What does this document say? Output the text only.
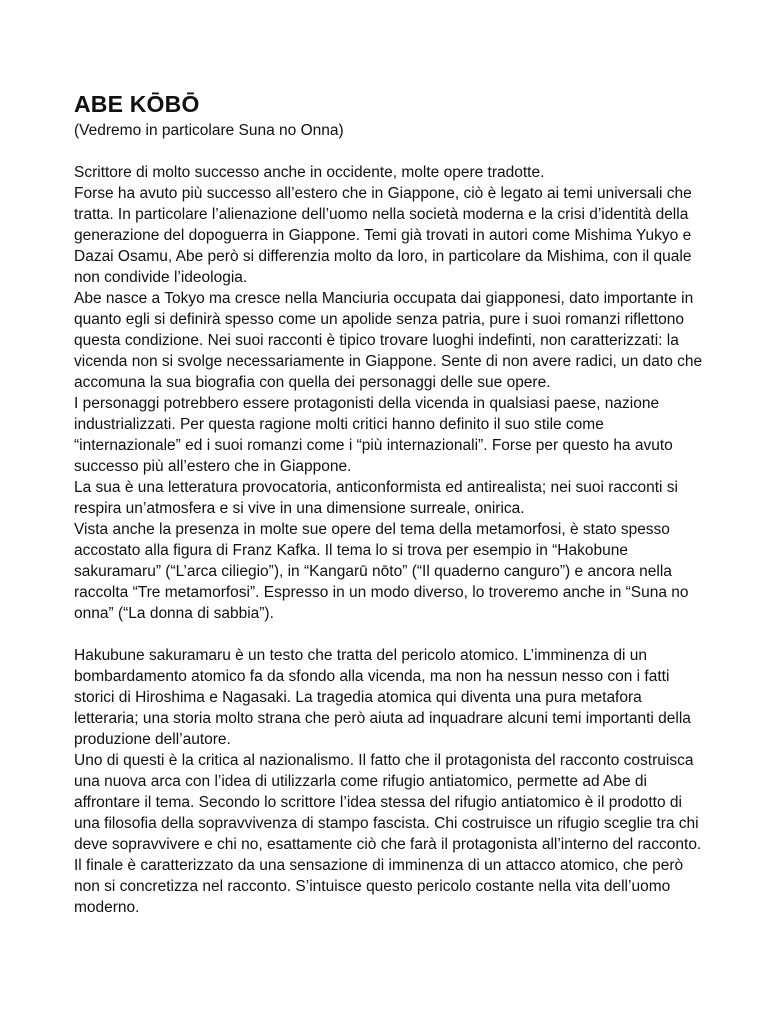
ABE KŌBŌ

(Vedremo in particolare Suna no Onna)

Scrittore di molto successo anche in occidente, molte opere tradotte.

Forse ha avuto più successo all’estero che in Giappone, ciò è legato ai temi universali che tratta. In particolare l’alienazione dell’uomo nella società moderna e la crisi d’identità della generazione del dopoguerra in Giappone. Temi già trovati in autori come Mishima Yukyo e Dazai Osamu, Abe però si differenzia molto da loro, in particolare da Mishima, con il quale non condivide l’ideologia.

Abe nasce a Tokyo ma cresce nella Manciuria occupata dai giapponesi, dato importante in quanto egli si definirà spesso come un apolide senza patria, pure i suoi romanzi riflettono questa condizione. Nei suoi racconti è tipico trovare luoghi indefinti, non caratterizzati: la vicenda non si svolge necessariamente in Giappone. Sente di non avere radici, un dato che accomuna la sua biografia con quella dei personaggi delle sue opere.

I personaggi potrebbero essere protagonisti della vicenda in qualsiasi paese, nazione industrializzati. Per questa ragione molti critici hanno definito il suo stile come “internazionale” ed i suoi romanzi come i “più internazionali”. Forse per questo ha avuto successo più all’estero che in Giappone.

La sua è una letteratura provocatoria, anticonformista ed antirealista; nei suoi racconti si respira un’atmosfera e si vive in una dimensione surreale, onirica.

Vista anche la presenza in molte sue opere del tema della metamorfosi, è stato spesso accostato alla figura di Franz Kafka. Il tema lo si trova per esempio in “Hakobune sakuramaru” (“L’arca ciliegio”), in “Kangarū nōto” (“Il quaderno canguro”) e ancora nella raccolta “Tre metamorfosi”. Espresso in un modo diverso, lo troveremo anche in “Suna no onna” (“La donna di sabbia”).

Hakubune sakuramaru è un testo che tratta del pericolo atomico. L’imminenza di un bombardamento atomico fa da sfondo alla vicenda, ma non ha nessun nesso con i fatti storici di Hiroshima e Nagasaki. La tragedia atomica qui diventa una pura metafora letteraria; una storia molto strana che però aiuta ad inquadrare alcuni temi importanti della produzione dell’autore.

Uno di questi è la critica al nazionalismo. Il fatto che il protagonista del racconto costruisca una nuova arca con l’idea di utilizzarla come rifugio antiatomico, permette ad Abe di affrontare il tema. Secondo lo scrittore l’idea stessa del rifugio antiatomico è il prodotto di una filosofia della sopravvivenza di stampo fascista. Chi costruisce un rifugio sceglie tra chi deve sopravvivere e chi no, esattamente ciò che farà il protagonista all’interno del racconto. Il finale è caratterizzato da una sensazione di imminenza di un attacco atomico, che però non si concretizza nel racconto. S’intuisce questo pericolo costante nella vita dell’uomo moderno.
